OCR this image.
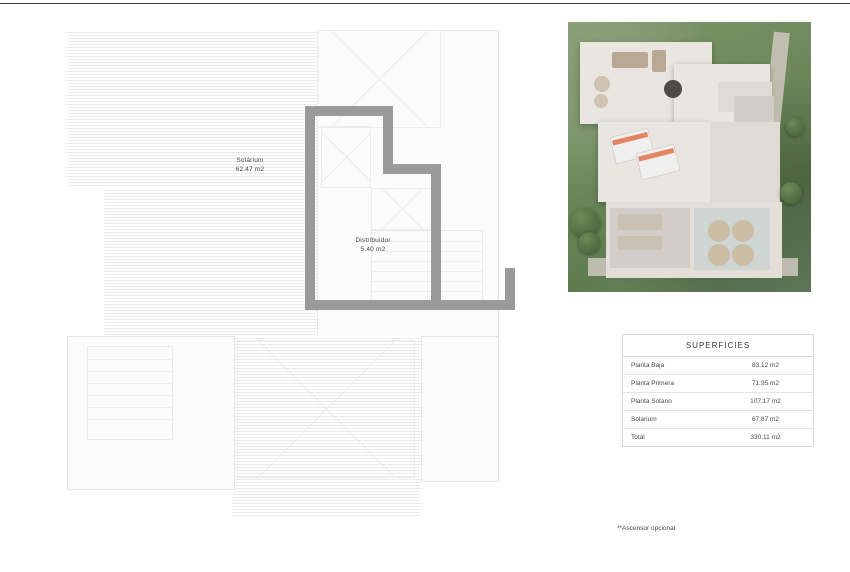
Solárium
62.47 m2
Distribuidor
5.40 m2
SUPERFICIES
Planta Baja	83.12 m2
Planta Primera	71.95 m2
Planta Sotano	107.17 m2
Solarium	67.87 m2
Total	330.11 m2
**Ascensor opcional
